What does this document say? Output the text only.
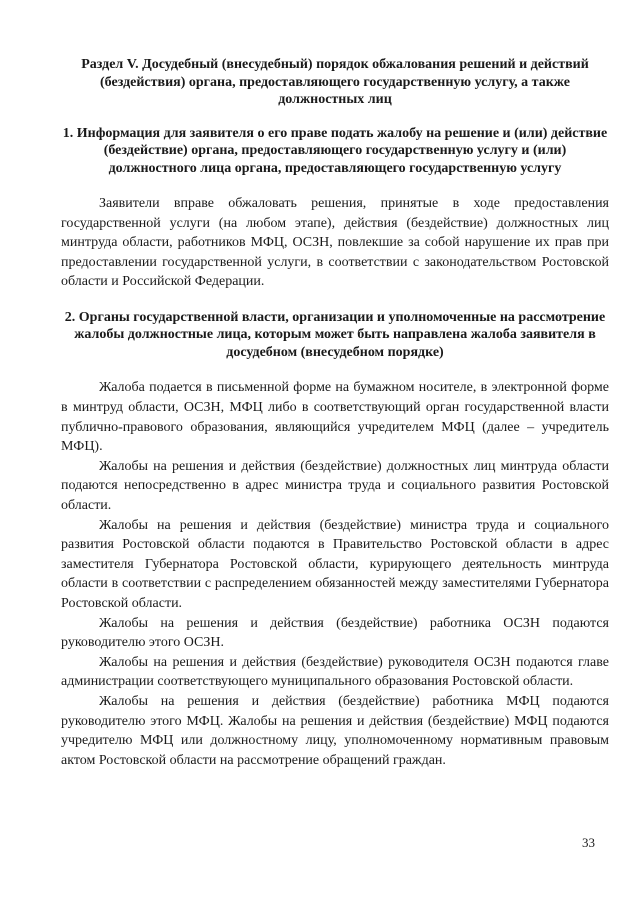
Раздел V. Досудебный (внесудебный) порядок обжалования решений и действий (бездействия) органа, предоставляющего государственную услугу, а также должностных лиц

1. Информация для заявителя о его праве подать жалобу на решение и (или) действие (бездействие) органа, предоставляющего государственную услугу и (или) должностного лица органа, предоставляющего государственную услугу

Заявители вправе обжаловать решения, принятые в ходе предоставления государственной услуги (на любом этапе), действия (бездействие) должностных лиц минтруда области, работников МФЦ, ОСЗН, повлекшие за собой нарушение их прав при предоставлении государственной услуги, в соответствии с законодательством Ростовской области и Российской Федерации.

2. Органы государственной власти, организации и уполномоченные на рассмотрение жалобы должностные лица, которым может быть направлена жалоба заявителя в досудебном (внесудебном порядке)

Жалоба подается в письменной форме на бумажном носителе, в электронной форме в минтруд области, ОСЗН, МФЦ либо в соответствующий орган государственной власти публично-правового образования, являющийся учредителем МФЦ (далее – учредитель МФЦ).

Жалобы на решения и действия (бездействие) должностных лиц минтруда области подаются непосредственно в адрес министра труда и социального развития Ростовской области.

Жалобы на решения и действия (бездействие) министра труда и социального развития Ростовской области подаются в Правительство Ростовской области в адрес заместителя Губернатора Ростовской области, курирующего деятельность минтруда области в соответствии с распределением обязанностей между заместителями Губернатора Ростовской области.

Жалобы на решения и действия (бездействие) работника ОСЗН подаются руководителю этого ОСЗН.

Жалобы на решения и действия (бездействие) руководителя ОСЗН подаются главе администрации соответствующего муниципального образования Ростовской области.

Жалобы на решения и действия (бездействие) работника МФЦ подаются руководителю этого МФЦ. Жалобы на решения и действия (бездействие) МФЦ подаются учредителю МФЦ или должностному лицу, уполномоченному нормативным правовым актом Ростовской области на рассмотрение обращений граждан.

33
